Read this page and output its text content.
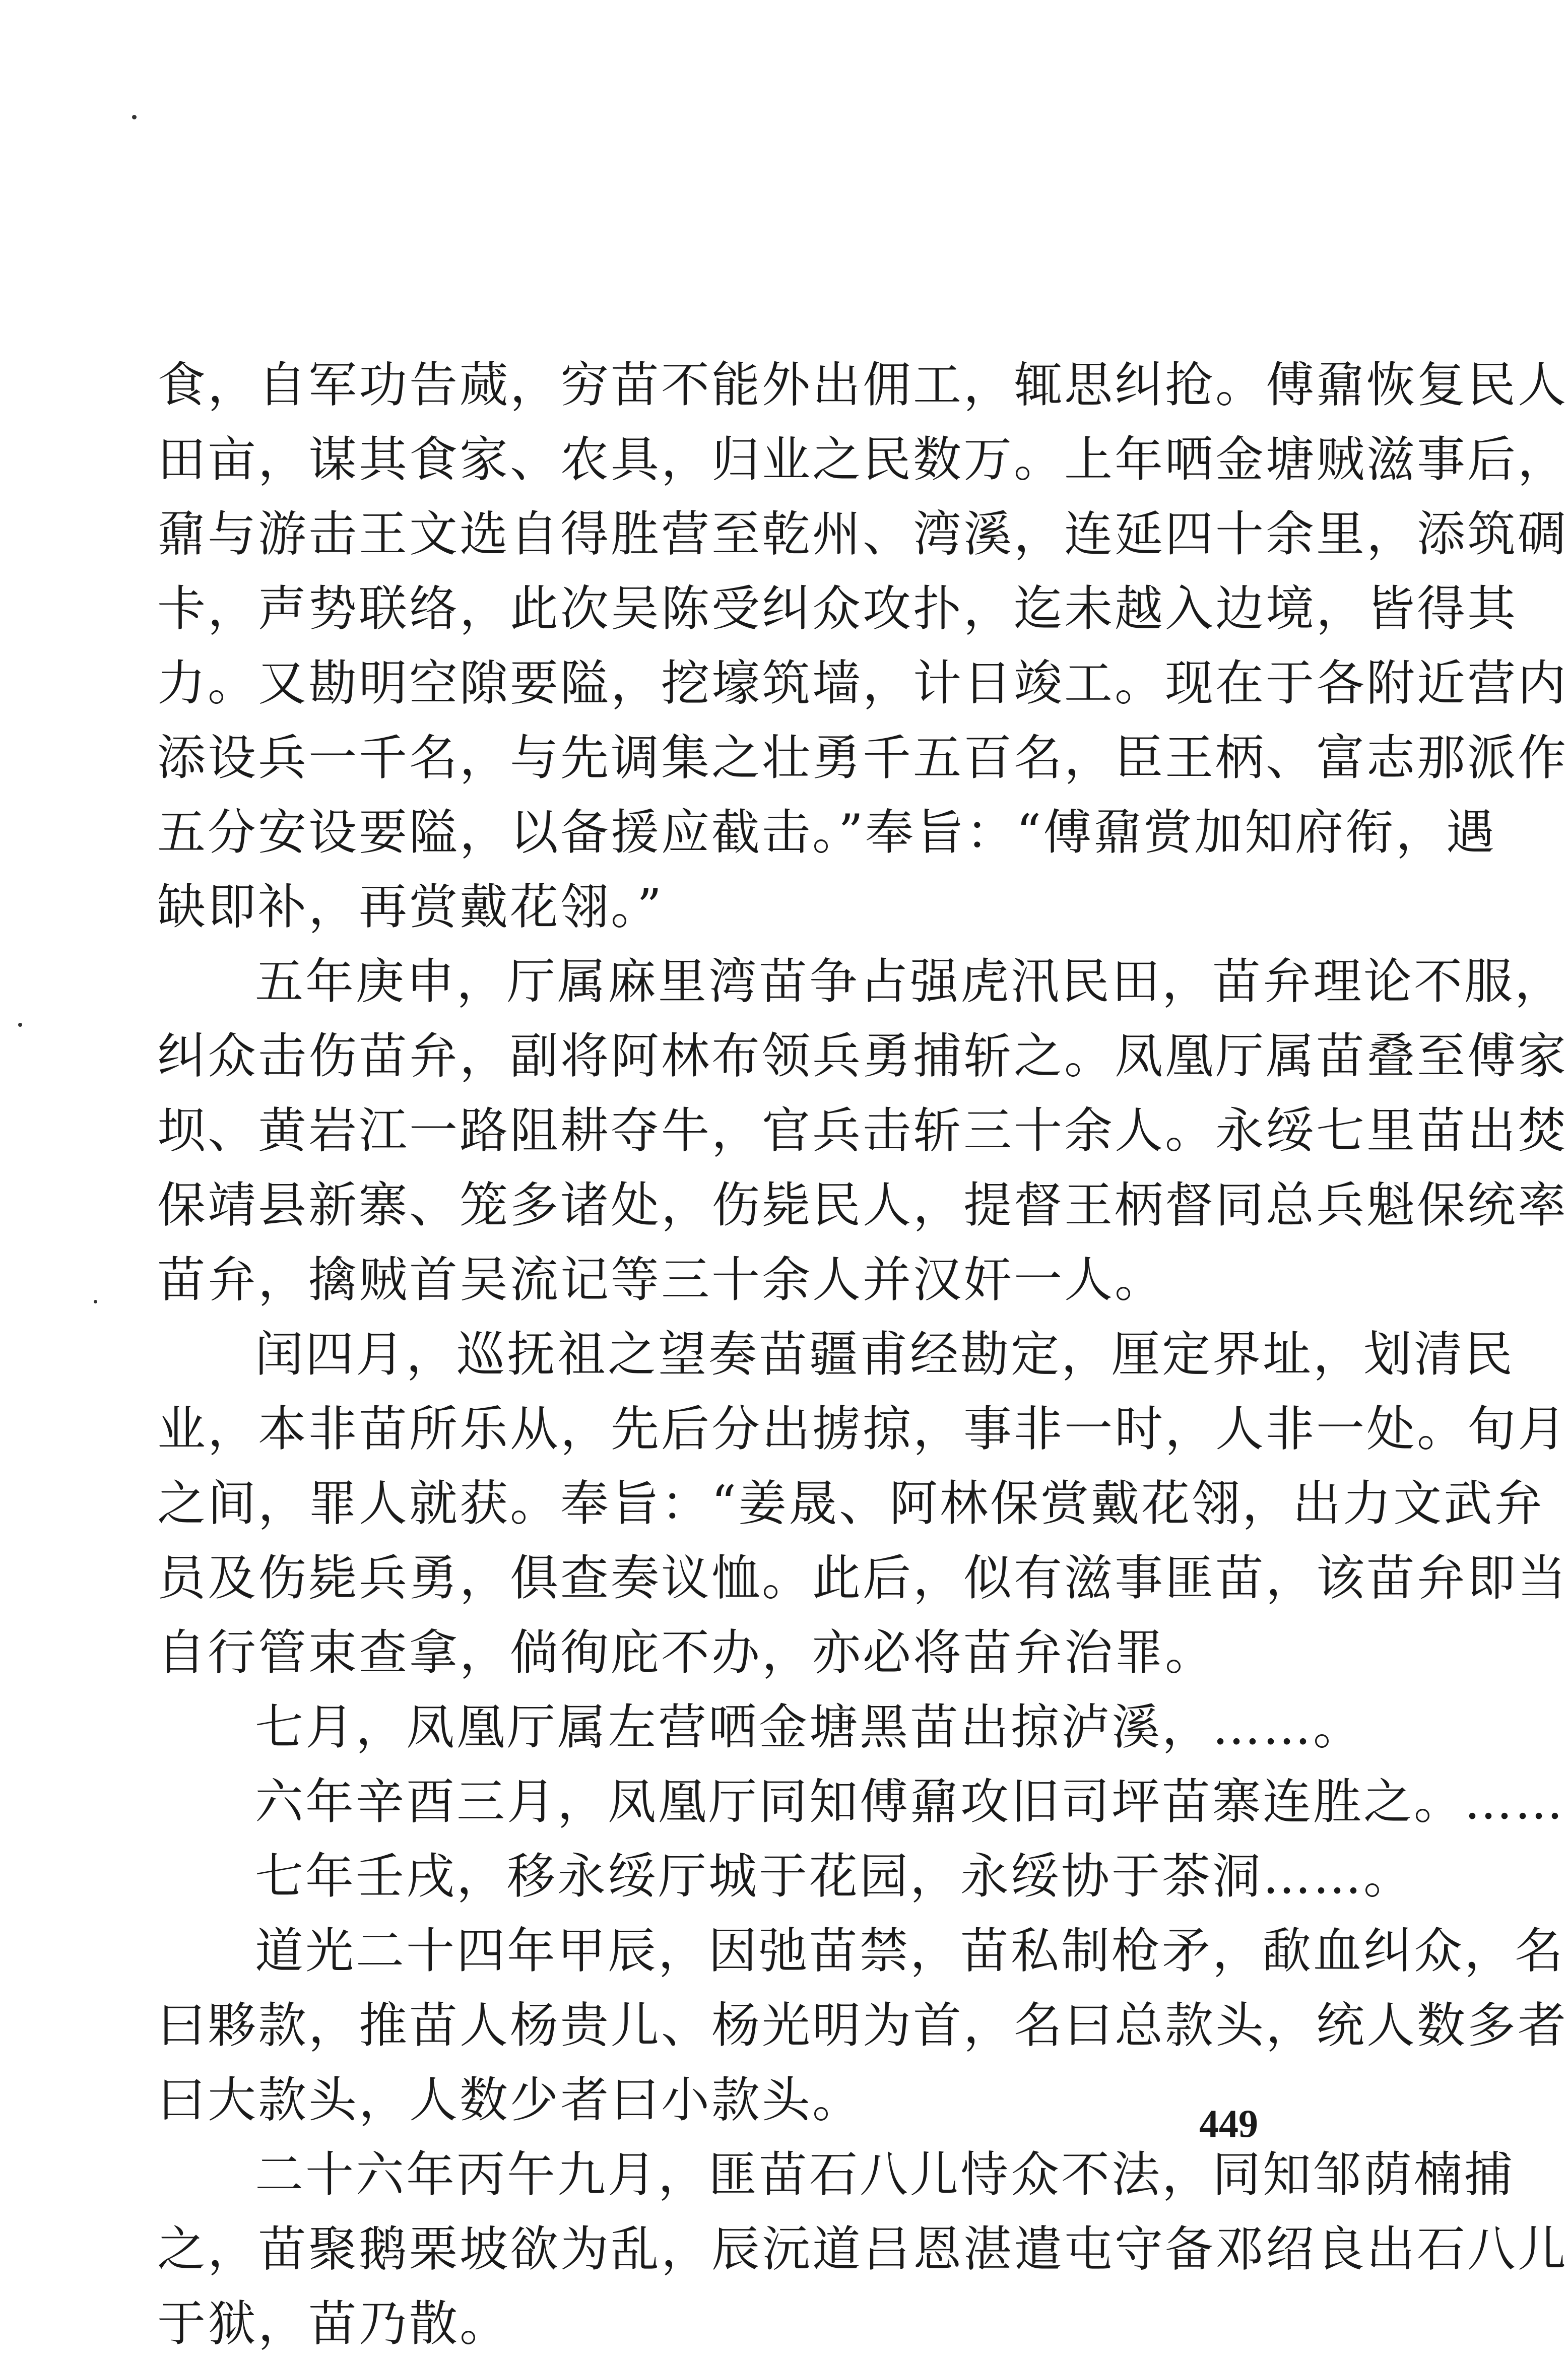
食，自军功告蒇，穷苗不能外出佣工，辄思纠抢。傅鼐恢复民人
田亩，谋其食家、农具，归业之民数万。上年哂金塘贼滋事后，
鼐与游击王文选自得胜营至乾州、湾溪，连延四十余里，添筑碉
卡，声势联络，此次吴陈受纠众攻扑，迄未越入边境，皆得其
力。又勘明空隙要隘，挖壕筑墙，计日竣工。现在于各附近营内
添设兵一千名，与先调集之壮勇千五百名，臣王柄、富志那派作
五分安设要隘，以备援应截击。”奉旨：“傅鼐赏加知府衔，遇
缺即补，再赏戴花翎。”
五年庚申，厅属麻里湾苗争占强虎汛民田，苗弁理论不服，
纠众击伤苗弁，副将阿林布领兵勇捕斩之。凤凰厅属苗叠至傅家
坝、黄岩江一路阻耕夺牛，官兵击斩三十余人。永绥七里苗出焚
保靖县新寨、笼多诸处，伤毙民人，提督王柄督同总兵魁保统率
苗弁，擒贼首吴流记等三十余人并汉奸一人。
闰四月，巡抚祖之望奏苗疆甫经勘定，厘定界址，划清民
业，本非苗所乐从，先后分出掳掠，事非一时，人非一处。旬月
之间，罪人就获。奉旨：“姜晟、阿林保赏戴花翎，出力文武弁
员及伤毙兵勇，俱查奏议恤。此后，似有滋事匪苗，该苗弁即当
自行管束查拿，倘徇庇不办，亦必将苗弁治罪。
七月，凤凰厅属左营哂金塘黑苗出掠泸溪，……。
六年辛酉三月，凤凰厅同知傅鼐攻旧司坪苗寨连胜之。……
七年壬戌，移永绥厅城于花园，永绥协于茶洞……。
道光二十四年甲辰，因弛苗禁，苗私制枪矛，歃血纠众，名
曰夥款，推苗人杨贵儿、杨光明为首，名曰总款头，统人数多者
曰大款头，人数少者曰小款头。
二十六年丙午九月，匪苗石八儿恃众不法，同知邹荫楠捕
之，苗聚鹅栗坡欲为乱，辰沅道吕恩湛遣屯守备邓绍良出石八儿
于狱，苗乃散。
449
